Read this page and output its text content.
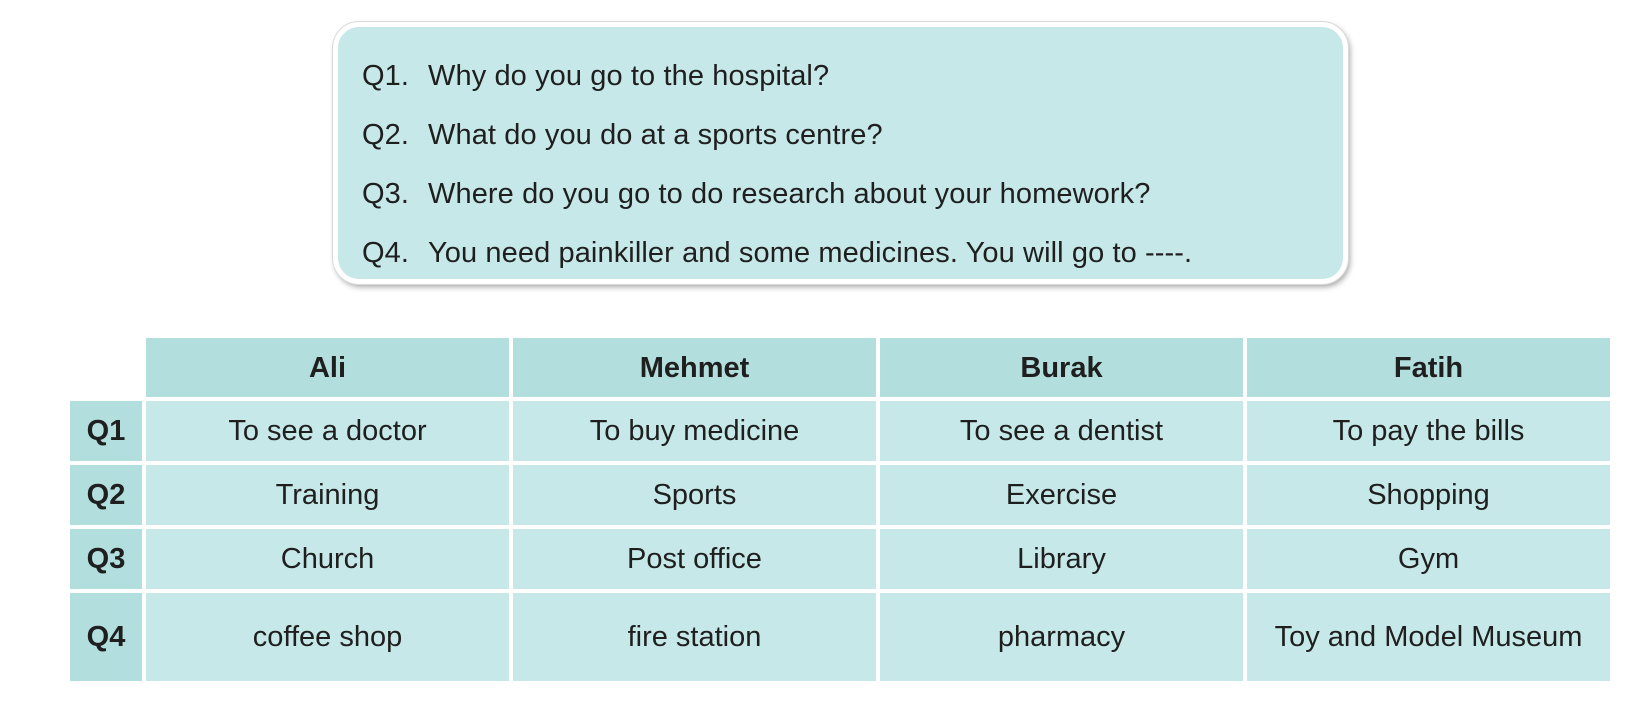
Q1. Why do you go to the hospital?
Q2. What do you do at a sports centre?
Q3. Where do you go to do research about your homework?
Q4. You need painkiller and some medicines. You will go to ----.
	Ali	Mehmet	Burak	Fatih
Q1	To see a doctor	To buy medicine	To see a dentist	To pay the bills
Q2	Training	Sports	Exercise	Shopping
Q3	Church	Post office	Library	Gym
Q4	coffee shop	fire station	pharmacy	Toy and Model Museum
